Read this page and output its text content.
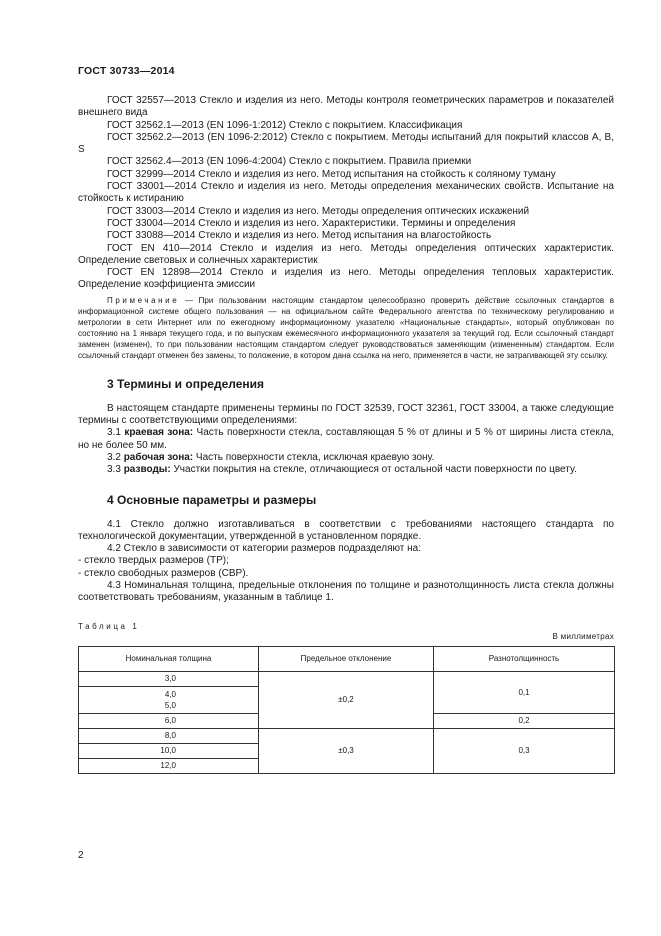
ГОСТ 30733—2014

ГОСТ 32557—2013 Стекло и изделия из него. Методы контроля геометрических параметров и показателей внешнего вида

ГОСТ 32562.1—2013 (EN 1096-1:2012) Стекло с покрытием. Классификация

ГОСТ 32562.2—2013 (EN 1096-2:2012) Стекло с покрытием. Методы испытаний для покрытий классов A, B, S

ГОСТ 32562.4—2013 (EN 1096-4:2004) Стекло с покрытием. Правила приемки

ГОСТ 32999—2014 Стекло и изделия из него. Метод испытания на стойкость к соляному туману

ГОСТ 33001—2014 Стекло и изделия из него. Методы определения механических свойств. Испытание на стойкость к истиранию

ГОСТ 33003—2014 Стекло и изделия из него. Методы определения оптических искажений

ГОСТ 33004—2014 Стекло и изделия из него. Характеристики. Термины и определения

ГОСТ 33088—2014 Стекло и изделия из него. Метод испытания на влагостойкость

ГОСТ EN 410—2014 Стекло и изделия из него. Методы определения оптических характеристик. Определение световых и солнечных характеристик

ГОСТ EN 12898—2014 Стекло и изделия из него. Методы определения тепловых характеристик. Определение коэффициента эмиссии

Примечание — При пользовании настоящим стандартом целесообразно проверить действие ссылочных стандартов в информационной системе общего пользования — на официальном сайте Федерального агентства по техническому регулированию и метрологии в сети Интернет или по ежегодному информационному указателю «Национальные стандарты», который опубликован по состоянию на 1 января текущего года, и по выпускам ежемесячного информационного указателя за текущий год. Если ссылочный стандарт заменен (изменен), то при пользовании настоящим стандартом следует руководствоваться заменяющим (измененным) стандартом. Если ссылочный стандарт отменен без замены, то положение, в котором дана ссылка на него, применяется в части, не затрагивающей эту ссылку.

3 Термины и определения

В настоящем стандарте применены термины по ГОСТ 32539, ГОСТ 32361, ГОСТ 33004, а также следующие термины с соответствующими определениями:

3.1 краевая зона: Часть поверхности стекла, составляющая 5 % от длины и 5 % от ширины листа стекла, но не более 50 мм.

3.2 рабочая зона: Часть поверхности стекла, исключая краевую зону.

3.3 разводы: Участки покрытия на стекле, отличающиеся от остальной части поверхности по цвету.

4 Основные параметры и размеры

4.1 Стекло должно изготавливаться в соответствии с требованиями настоящего стандарта по технологической документации, утвержденной в установленном порядке.

4.2 Стекло в зависимости от категории размеров подразделяют на:

- стекло твердых размеров (ТР);

- стекло свободных размеров (СВР).

4.3 Номинальная толщина, предельные отклонения по толщине и разнотолщинность листа стекла должны соответствовать требованиям, указанным в таблице 1.

Таблица 1
В миллиметрах
Номинальная толщина	Предельное отклонение	Разнотолщинность
3,0	±0,2	0,1
4,0
5,0		
6,0		0,2
8,0	±0,3	0,3
10,0		
12,0		
2
